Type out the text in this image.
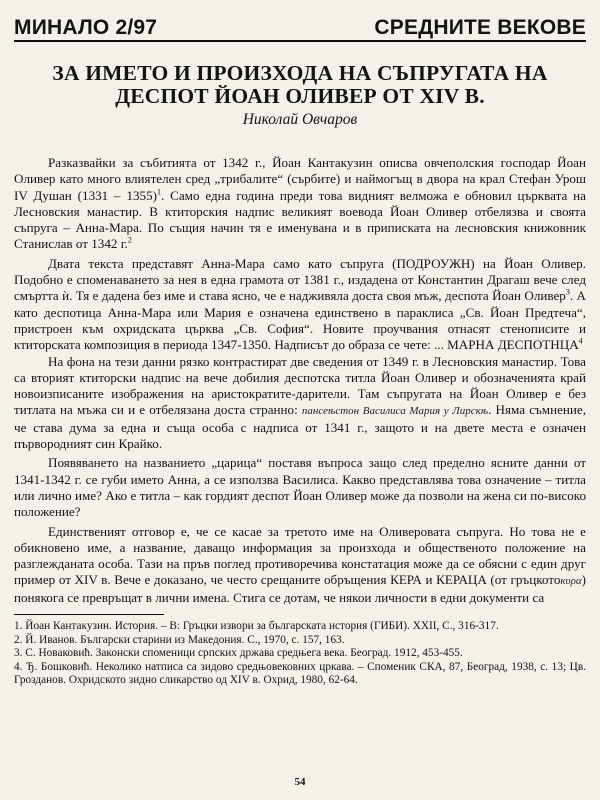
МИНАЛО 2/97	СРЕДНИТЕ ВЕКОВЕ
ЗА ИМЕТО И ПРОИЗХОДА НА СЪПРУГАТА НА
ДЕСПОТ ЙОАН ОЛИВЕР ОТ XIV В.
Николай Овчаров

Разказвайки за събитията от 1342 г., Йоан Кантакузин описва овчеполския господар Йоан Оливер като много влиятелен сред „трибалите“ (сърбите) и наймогъщ в двора на крал Стефан Урош IV Душан (1331 – 1355)$^1$. Само една година преди това видният велможа е обновил църквата на Лесновския манастир. В ктиторския надпис великият воевода Йоан Оливер отбелязва и своята съпруга – Анна-Мара. По същия начин тя е именувана и в приписката на лесновския книжовник Станислав от 1342 г.$^2$

Двата текста представят Анна-Мара само като съпруга (ПОДРОУЖН) на Йоан Оливер. Подобно е споменаването за нея в една грамота от 1381 г., издадена от Константин Драгаш вече след смъртта ѝ. Тя е дадена без име и става ясно, че е надживяла доста своя мъж, деспота Йоан Оливер$^3$. А като деспотица Анна-Мара или Мария е означена единствено в параклиса „Св. Йоан Предтеча“, пристроен към охридската църква „Св. София“. Новите проучвания отнасят стенописите и ктиторската композиция в периода 1347-1350. Надписът до образа се чете: ... МАРНА ДЕСПОТНЦА$^4$

На фона на тези данни рязко контрастират две сведения от 1349 г. в Лесновския манастир. Това са вторият ктиторски надпис на вече добилия деспотска титла Йоан Оливер и обозначенията край новоизписаните изображения на аристократите-дарители. Там съпругата на Йоан Оливер е без титлата на мъжа си и е отбелязана доста странно: пансеѣстон Василиса Мария у Лирскѣ. Няма съмнение, че става дума за една и съща особа с надписа от 1341 г., защото и на двете места е означен първородният син Крайко.

Появяването на названието „царица“ поставя въпроса защо след пределно ясните данни от 1341-1342 г. се губи името Анна, а се използва Василиса. Какво представлява това означение – титла или лично име? Ако е титла – как гордият деспот Йоан Оливер може да позволи на жена си по-високо положение?

Единственият отговор е, че се касае за третото име на Оливеровата съпруга. Но това не е обикновено име, а название, даващо информация за произхода и общественото положение на разглежданата особа. Тази на пръв поглед противоречива констатация може да се обясни с един друг пример от XIV в. Вече е доказано, че често срещаните обръщения КЕРА и КЕРАЦА (от гръцкотокυρα) понякога се превръщат в лични имена. Стига се дотам, че някои личности в едни документи са

1. Йоан Кантакузин. История. – В: Гръцки извори за българската история (ГИБИ). XXII, С., 316-317.
2. Й. Иванов. Български старини из Македония. С., 1970, с. 157, 163.
3. С. Новаковић. Законски споменици српских држава средњега века. Београд. 1912, 453-455.
4. Ђ. Бошковић. Неколико натписа са зидово средњовековних цркава. – Споменик СКА, 87, Београд, 1938, с. 13; Цв. Грозданов. Охридското зидно сликарство од XIV в. Охрид, 1980, 62-64.
54
